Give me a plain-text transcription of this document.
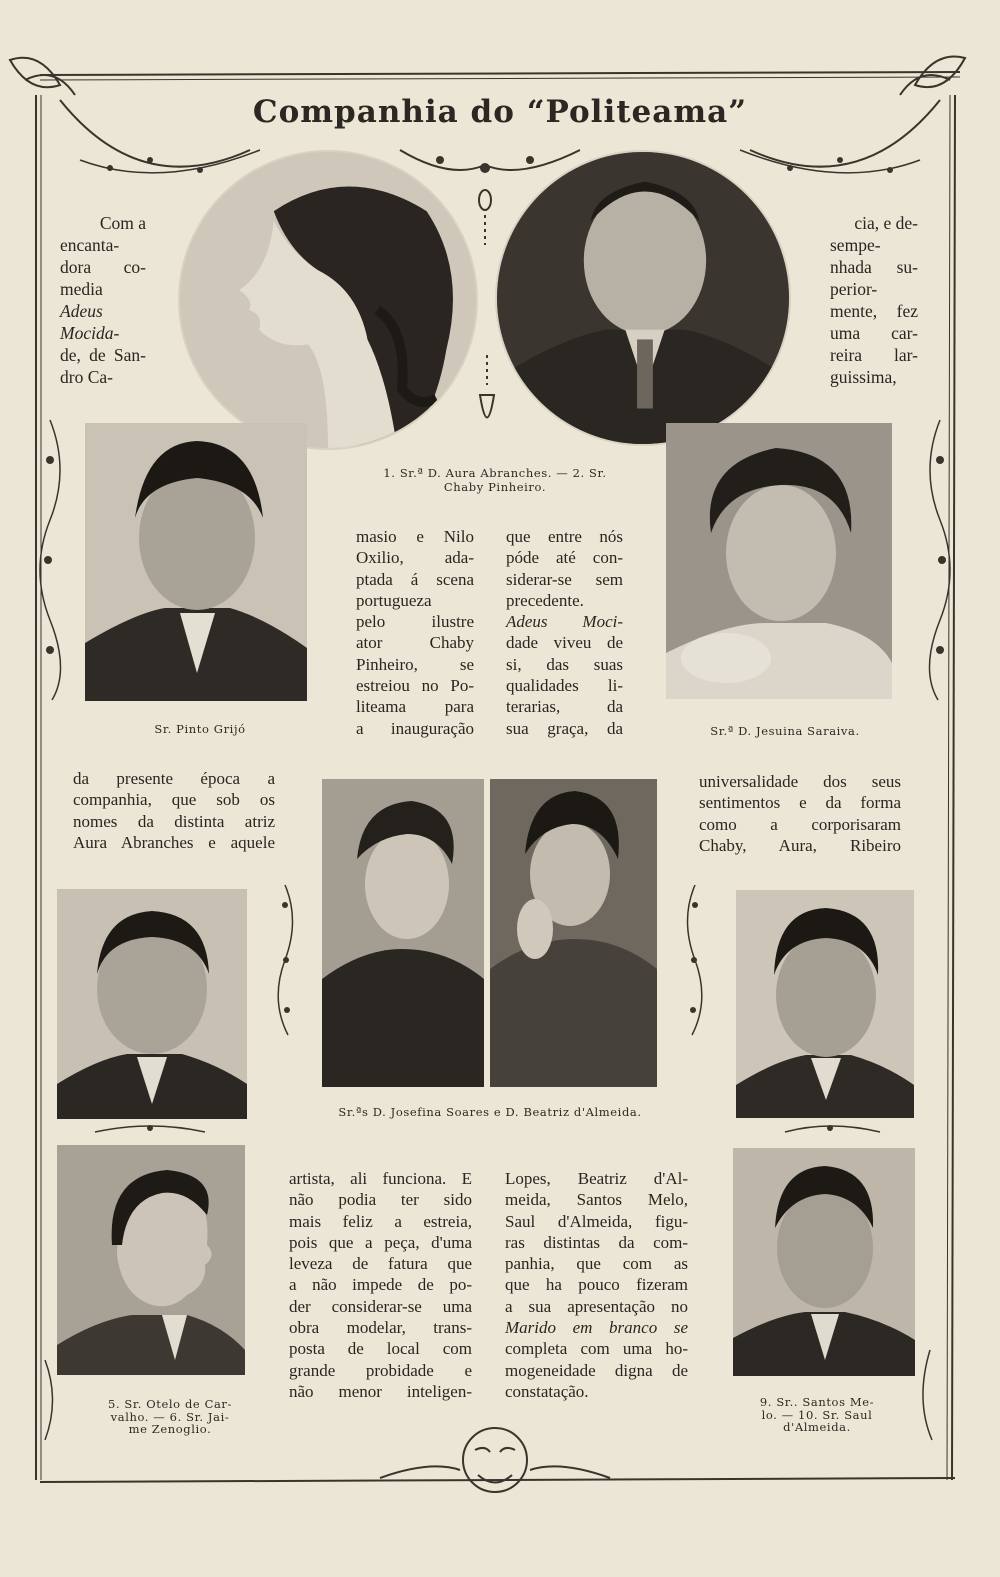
Companhia do “Politeama”
1. Sr.ª D. Aura Abranches. — 2. Sr.
Chaby Pinheiro.
Sr. Pinto Grijó	Sr.ª D. Jesuina Saraiva.
Sr.ªs D. Josefina Soares e D. Beatriz d'Almeida.
5. Sr. Otelo de Car-
valho. — 6. Sr. Jai-
me Zenoglio.
9. Sr.. Santos Me-
lo. — 10. Sr. Saul
d'Almeida.
Com a
encanta-
dora co-
media
Adeus
Mocida-
de, de San-
dro Ca-
cia, e de-
sempe-
nhada su-
perior-
mente, fez
uma car-
reira lar-
guissima,
masio e Nilo
Oxilio, ada-
ptada á scena
portugueza
pelo ilustre
ator Chaby
Pinheiro, se
estreiou no Po-
liteama para
a inauguração
que entre nós
póde até con-
siderar-se sem
precedente.
Adeus Moci-
dade viveu de
si, das suas
qualidades li-
terarias, da
sua graça, da
da presente época a
companhia, que sob os
nomes da distinta atriz
Aura Abranches e aquele
universalidade dos seus
sentimentos e da forma
como a corporisaram
Chaby, Aura, Ribeiro
artista, ali funciona. E
não podia ter sido
mais feliz a estreia,
pois que a peça, d'uma
leveza de fatura que
a não impede de po-
der considerar-se uma
obra modelar, trans-
posta de local com
grande probidade e
não menor inteligen-
Lopes, Beatriz d'Al-
meida, Santos Melo,
Saul d'Almeida, figu-
ras distintas da com-
panhia, que com as
que ha pouco fizeram
a sua apresentação no
Marido em branco se
completa com uma ho-
mogeneidade digna de
constatação.
